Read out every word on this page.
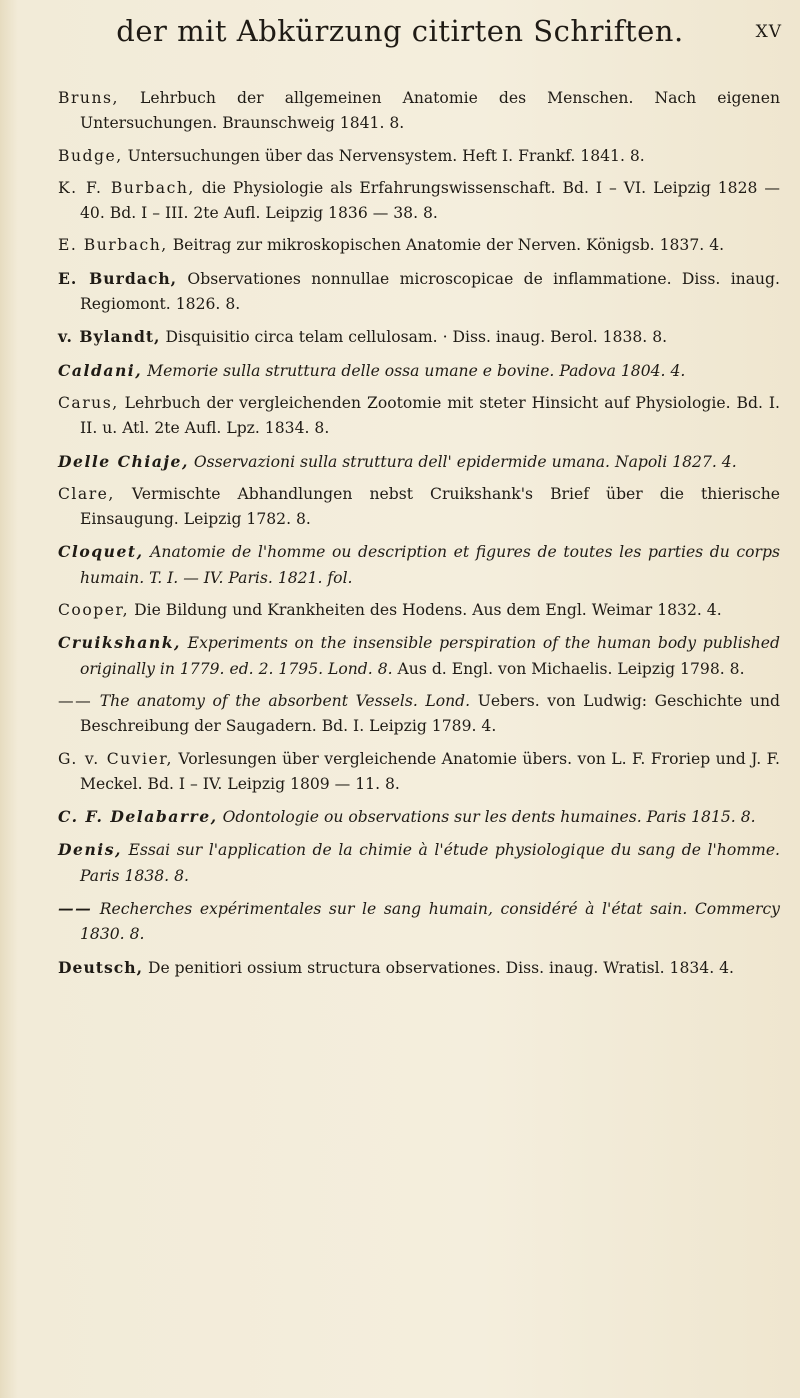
der mit Abkürzung citirten Schriften.	XV

Bruns, Lehrbuch der allgemeinen Anatomie des Menschen. Nach eigenen Untersuchungen. Braunschweig 1841. 8.

Budge, Untersuchungen über das Nervensystem. Heft I. Frankf. 1841. 8.

K. F. Burbach, die Physiologie als Erfahrungswissenschaft. Bd. I – VI. Leipzig 1828 — 40. Bd. I – III. 2te Aufl. Leipzig 1836 — 38. 8.

E. Burbach, Beitrag zur mikroskopischen Anatomie der Nerven. Königsb. 1837. 4.

E. Burdach, Observationes nonnullae microscopicae de inflammatione. Diss. inaug. Regiomont. 1826. 8.

v. Bylandt, Disquisitio circa telam cellulosam. · Diss. inaug. Berol. 1838. 8.

Caldani, Memorie sulla struttura delle ossa umane e bovine. Padova 1804. 4.

Carus, Lehrbuch der vergleichenden Zootomie mit steter Hinsicht auf Physiologie. Bd. I. II. u. Atl. 2te Aufl. Lpz. 1834. 8.

Delle Chiaje, Osservazioni sulla struttura dell' epidermide umana. Napoli 1827. 4.

Clare, Vermischte Abhandlungen nebst Cruikshank's Brief über die thierische Einsaugung. Leipzig 1782. 8.

Cloquet, Anatomie de l'homme ou description et figures de toutes les parties du corps humain. T. I. — IV. Paris. 1821. fol.

Cooper, Die Bildung und Krankheiten des Hodens. Aus dem Engl. Weimar 1832. 4.

Cruikshank, Experiments on the insensible perspiration of the human body published originally in 1779. ed. 2. 1795. Lond. 8. Aus d. Engl. von Michaelis. Leipzig 1798. 8.

—— The anatomy of the absorbent Vessels. Lond. Uebers. von Ludwig: Geschichte und Beschreibung der Saugadern. Bd. I. Leipzig 1789. 4.

G. v. Cuvier, Vorlesungen über vergleichende Anatomie übers. von L. F. Froriep und J. F. Meckel. Bd. I – IV. Leipzig 1809 — 11. 8.

C. F. Delabarre, Odontologie ou observations sur les dents humaines. Paris 1815. 8.

Denis, Essai sur l'application de la chimie à l'étude physiologique du sang de l'homme. Paris 1838. 8.

—— Recherches expérimentales sur le sang humain, considéré à l'état sain. Commercy 1830. 8.

Deutsch, De penitiori ossium structura observationes. Diss. inaug. Wratisl. 1834. 4.
